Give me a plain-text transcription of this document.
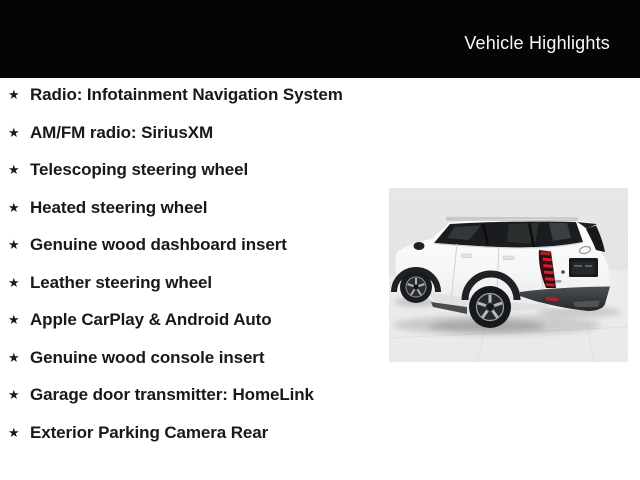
Vehicle Highlights
★ Radio: Infotainment Navigation System
★ AM/FM radio: SiriusXM
★ Telescoping steering wheel
★ Heated steering wheel
★ Genuine wood dashboard insert
★ Leather steering wheel
★ Apple CarPlay & Android Auto
★ Genuine wood console insert
★ Garage door transmitter: HomeLink
★ Exterior Parking Camera Rear
